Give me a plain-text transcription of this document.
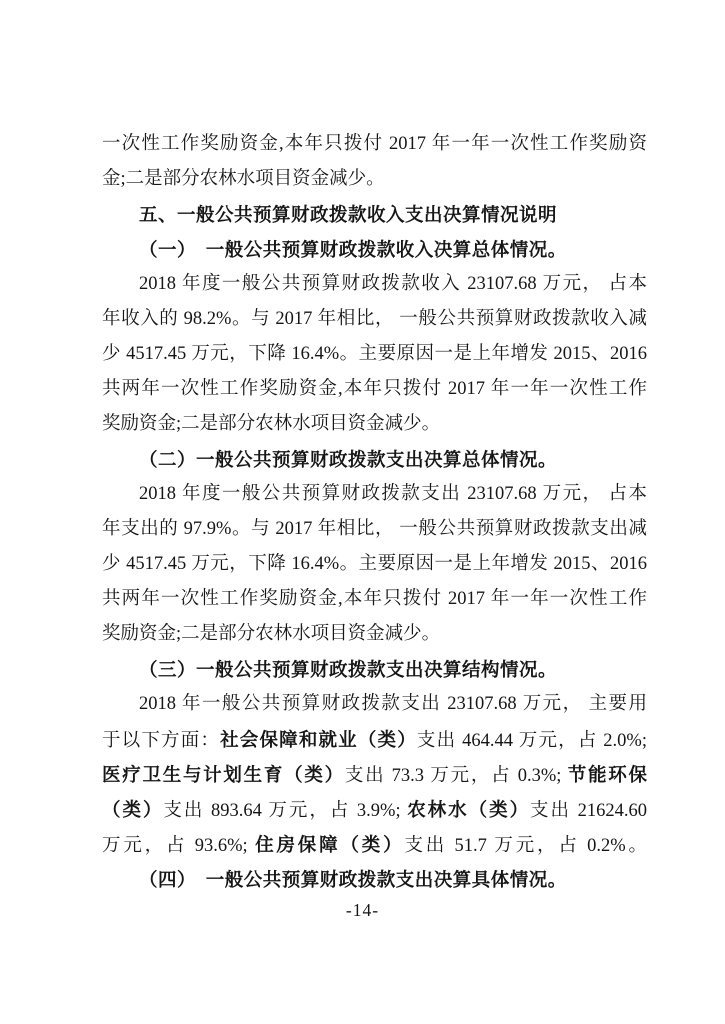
一次性工作奖励资金,本年只拨付 2017 年一年一次性工作奖励资
金;二是部分农林水项目资金减少。
五、一般公共预算财政拨款收入支出决算情况说明
（一）　一般公共预算财政拨款收入决算总体情况。
2018 年度一般公共预算财政拨款收入 23107.68 万元， 占本
年收入的 98.2%。与 2017 年相比， 一般公共预算财政拨款收入减
少 4517.45 万元，下降 16.4%。主要原因一是上年增发 2015、2016
共两年一次性工作奖励资金,本年只拨付 2017 年一年一次性工作
奖励资金;二是部分农林水项目资金减少。
（二）一般公共预算财政拨款支出决算总体情况。
2018 年度一般公共预算财政拨款支出 23107.68 万元， 占本
年支出的 97.9%。与 2017 年相比， 一般公共预算财政拨款支出减
少 4517.45 万元，下降 16.4%。主要原因一是上年增发 2015、2016
共两年一次性工作奖励资金,本年只拨付 2017 年一年一次性工作
奖励资金;二是部分农林水项目资金减少。
（三）一般公共预算财政拨款支出决算结构情况。
2018 年一般公共预算财政拨款支出 23107.68 万元， 主要用
于以下方面：社会保障和就业（类）支出 464.44 万元，占 2.0%;
医疗卫生与计划生育（类）支出 73.3 万元，占 0.3%; 节能环保
（类）支出 893.64 万元，占 3.9%; 农林水（类）支出 21624.60
万元，占 93.6%; 住房保障（类）支出 51.7 万元，占 0.2%。
（四）　一般公共预算财政拨款支出决算具体情况。
-14-
